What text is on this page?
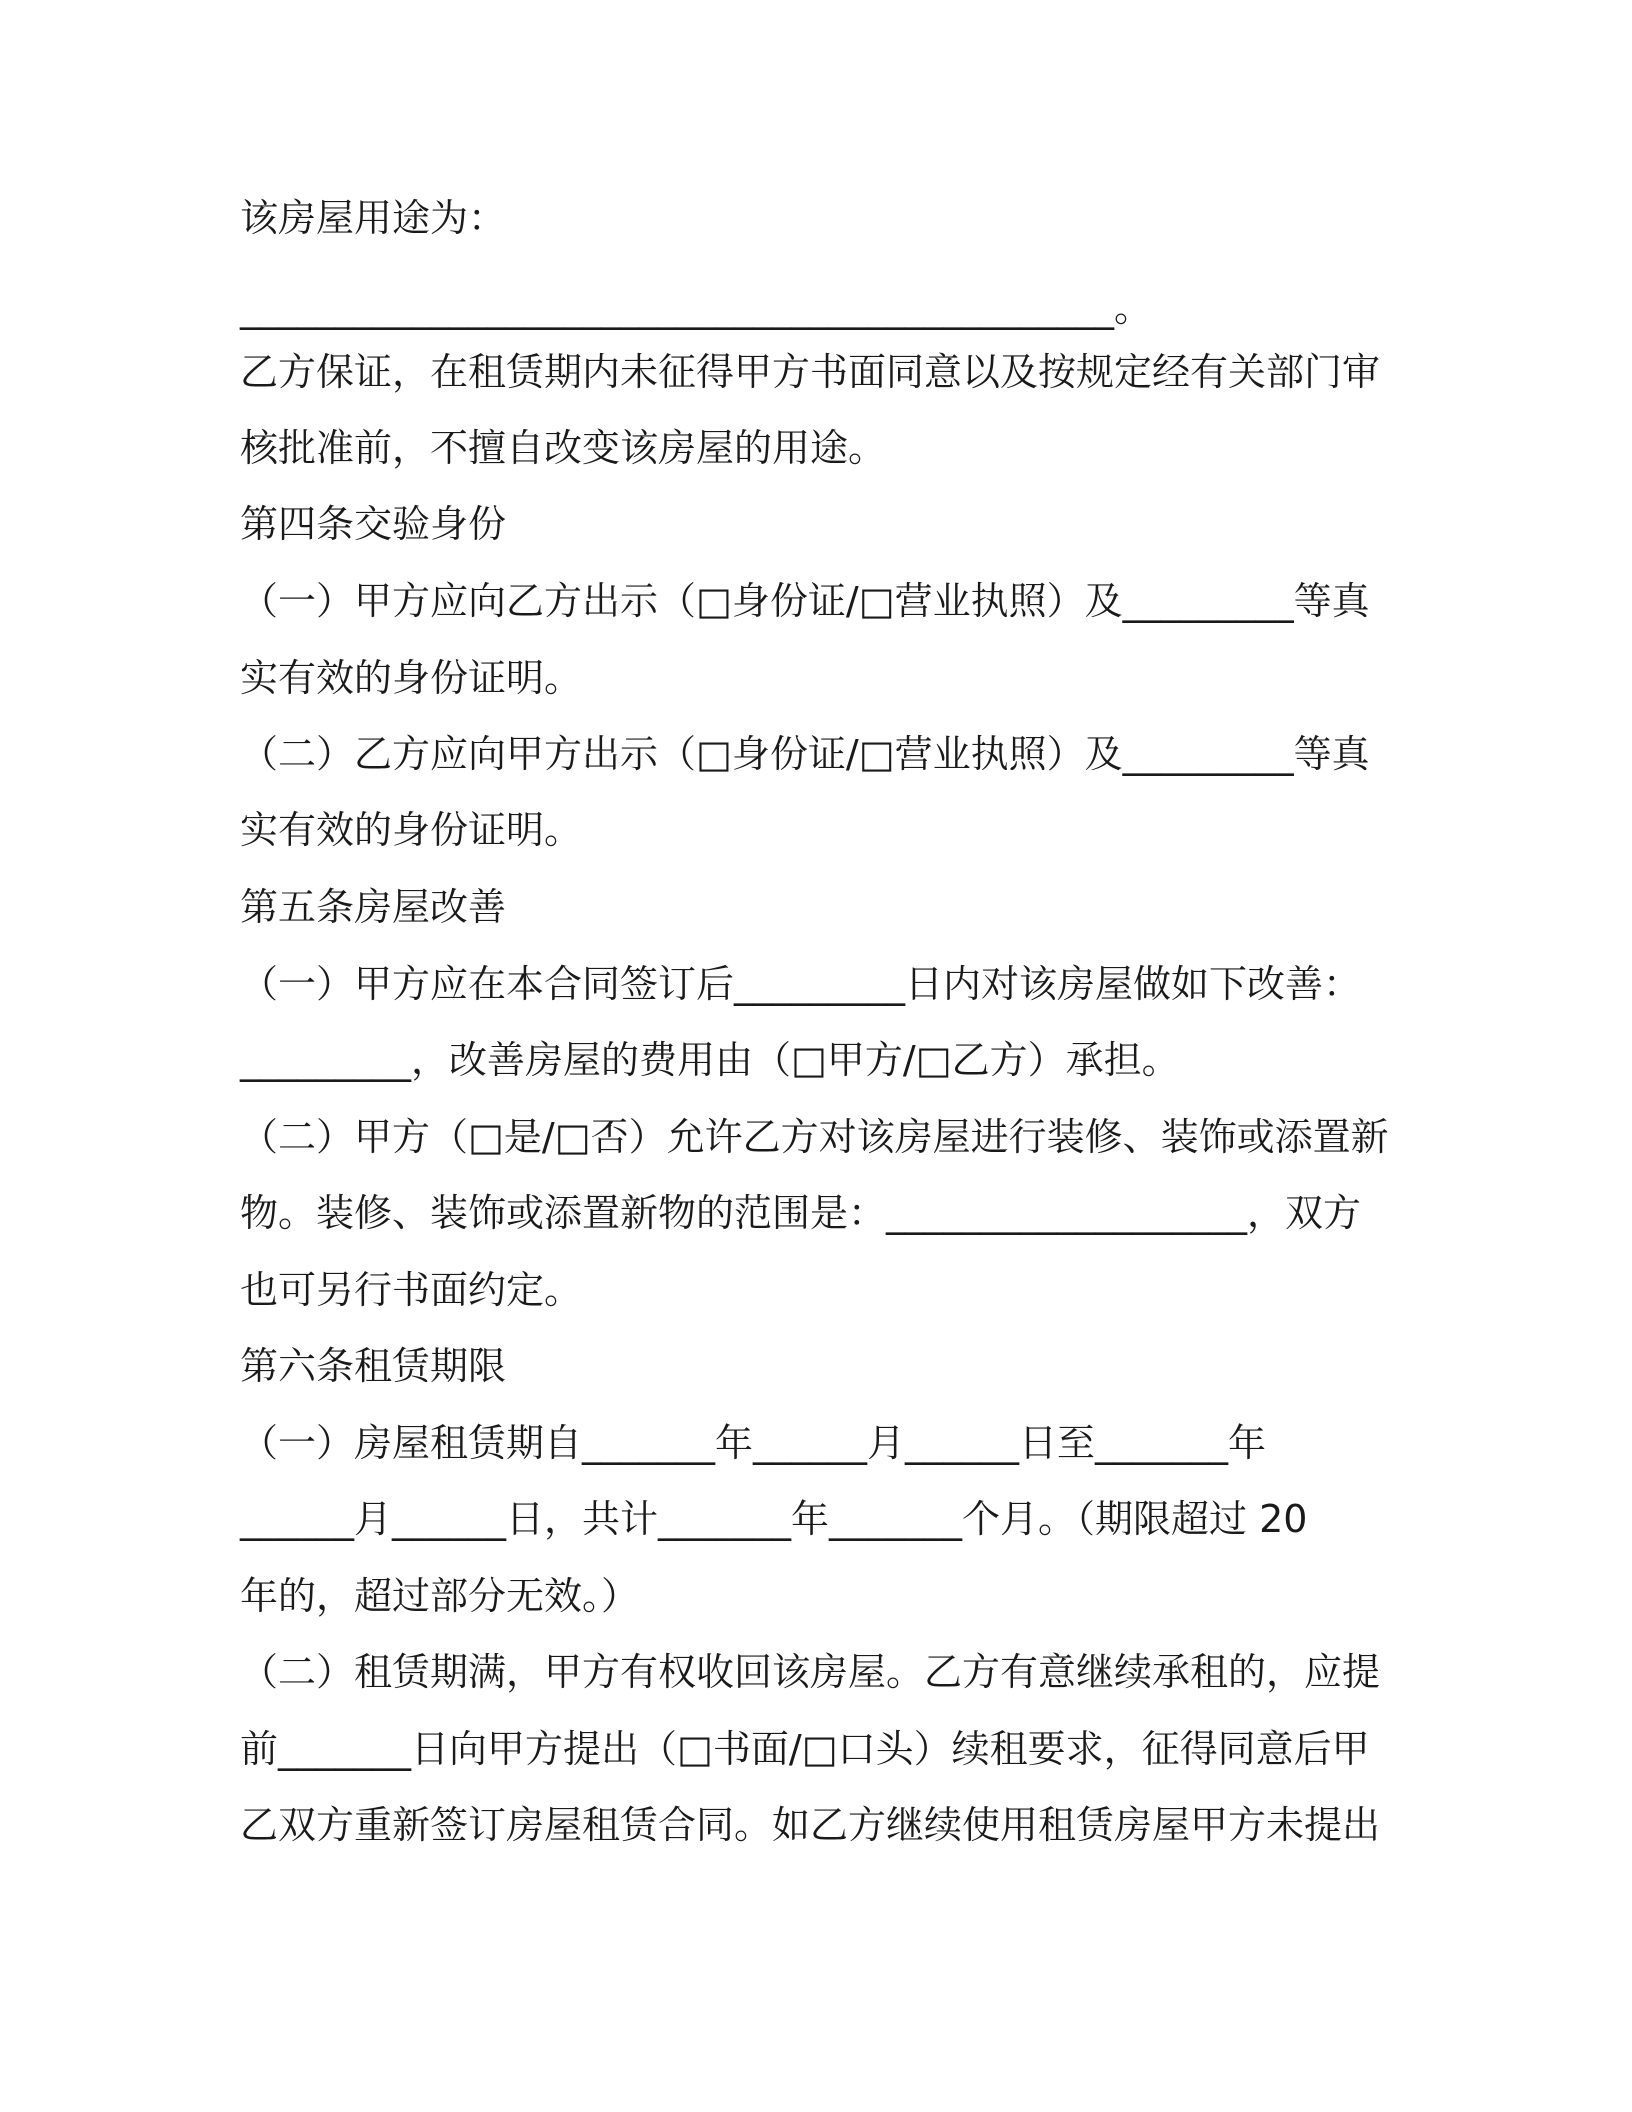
该房屋用途为：
______________________________________________。
乙方保证，在租赁期内未征得甲方书面同意以及按规定经有关部门审
核批准前，不擅自改变该房屋的用途。
第四条交验身份
（一）甲方应向乙方出示（□身份证/□营业执照）及_________等真
实有效的身份证明。
（二）乙方应向甲方出示（□身份证/□营业执照）及_________等真
实有效的身份证明。
第五条房屋改善
（一）甲方应在本合同签订后_________日内对该房屋做如下改善：
_________，改善房屋的费用由（□甲方/□乙方）承担。
（二）甲方（□是/□否）允许乙方对该房屋进行装修、装饰或添置新
物。装修、装饰或添置新物的范围是：___________________，双方
也可另行书面约定。
第六条租赁期限
（一）房屋租赁期自_______年______月______日至_______年
______月______日，共计_______年_______个月。（期限超过 20
年的，超过部分无效。）
（二）租赁期满，甲方有权收回该房屋。乙方有意继续承租的，应提
前_______日向甲方提出（□书面/□口头）续租要求，征得同意后甲
乙双方重新签订房屋租赁合同。如乙方继续使用租赁房屋甲方未提出
